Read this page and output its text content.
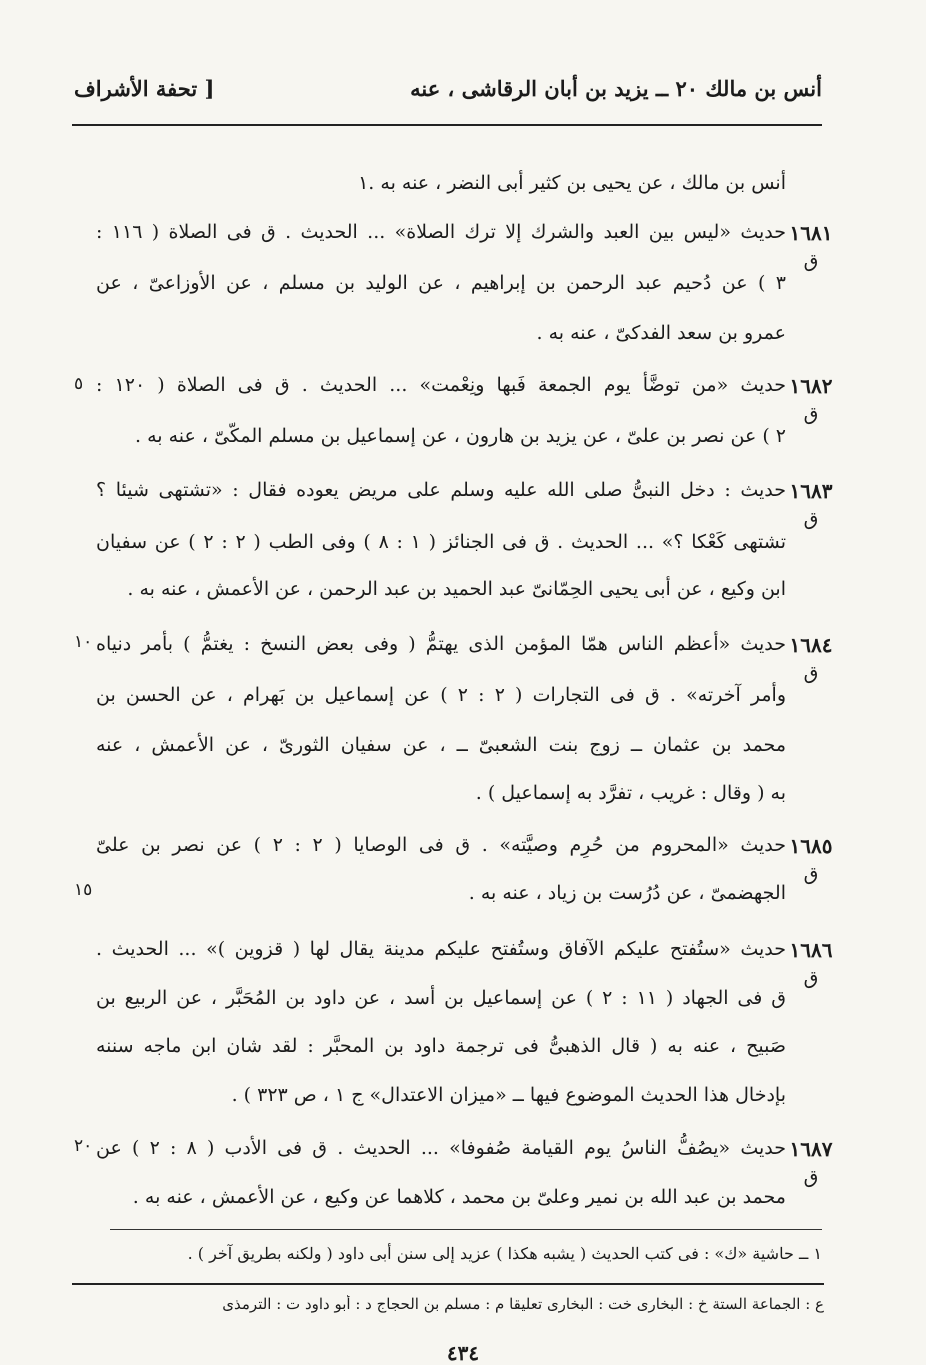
أنس بن مالك ٢٠ ــ يزيد بن أبان الرقاشى ، عنه
[ تحفة الأشراف
أنس بن مالك ، عن يحيى بن كثير أبى النضر ، عنه به .١
١٦٨١
ق
حديث «ليس بين العبد والشرك إلا ترك الصلاة» ... الحديث . ق فى الصلاة ( ١١٦ :
٣ ) عن دُحيم عبد الرحمن بن إبراهيم ، عن الوليد بن مسلم ، عن الأوزاعىّ ، عن
عمرو بن سعد الفدكىّ ، عنه به .
١٦٨٢
ق
٥ حديث «من توضَّأ يوم الجمعة فَبها ونِعْمت» ... الحديث . ق فى الصلاة ( ١٢٠ :
٢ ) عن نصر بن علىّ ، عن يزيد بن هارون ، عن إسماعيل بن مسلم المكّىّ ، عنه به .
١٦٨٣
ق
حديث : دخل النبىُّ صلى الله عليه وسلم على مريض يعوده فقال : «تشتهى شيئا ؟
تشتهى كَعْكا ؟» ... الحديث . ق فى الجنائز ( ١ : ٨ ) وفى الطب ( ٢ : ٢ ) عن سفيان
ابن وكيع ، عن أبى يحيى الحِمّانىّ عبد الحميد بن عبد الرحمن ، عن الأعمش ، عنه به .
١٦٨٤
ق
١٠ حديث «أعظم الناس همّا المؤمن الذى يهتمُّ ( وفى بعض النسخ : يغتمُّ ) بأمر دنياه
وأمر آخرته» . ق فى التجارات ( ٢ : ٢ ) عن إسماعيل بن بَهرام ، عن الحسن بن
محمد بن عثمان ــ زوج بنت الشعبىّ ــ ، عن سفيان الثورىّ ، عن الأعمش ، عنه
به ( وقال : غريب ، تفرَّد به إسماعيل ) .
١٦٨٥
ق
حديث «المحروم من حُرِم وصيَّته» . ق فى الوصايا ( ٢ : ٢ ) عن نصر بن علىّ
الجهضمىّ ، عن دُرُست بن زياد ، عنه به .
١٥
١٦٨٦
ق
حديث «ستُفتح عليكم الآفاق وستُفتح عليكم مدينة يقال لها ( قزوين )» ... الحديث .
ق فى الجهاد ( ١١ : ٢ ) عن إسماعيل بن أسد ، عن داود بن المُحَبَّر ، عن الربيع بن
صَبيح ، عنه به ( قال الذهبىُّ فى ترجمة داود بن المحبَّر : لقد شان ابن ماجه سننه
بإدخال هذا الحديث الموضوع فيها ــ «ميزان الاعتدال» ج ١ ، ص ٣٢٣ ) .
١٦٨٧
ق
٢٠ حديث «يصُفُّ الناسُ يوم القيامة صُفوفا» ... الحديث . ق فى الأدب ( ٨ : ٢ ) عن
محمد بن عبد الله بن نمير وعلىّ بن محمد ، كلاهما عن وكيع ، عن الأعمش ، عنه به .
١ ــ حاشية «ك» : فى كتب الحديث ( يشبه هكذا ) عزيد إلى سنن أبى داود ( ولكنه بطريق آخر ) .
ع : الجماعة الستة خ : البخارى خت : البخارى تعليقا م : مسلم بن الحجاج د : أبو داود ت : الترمذى
٤٣٤
